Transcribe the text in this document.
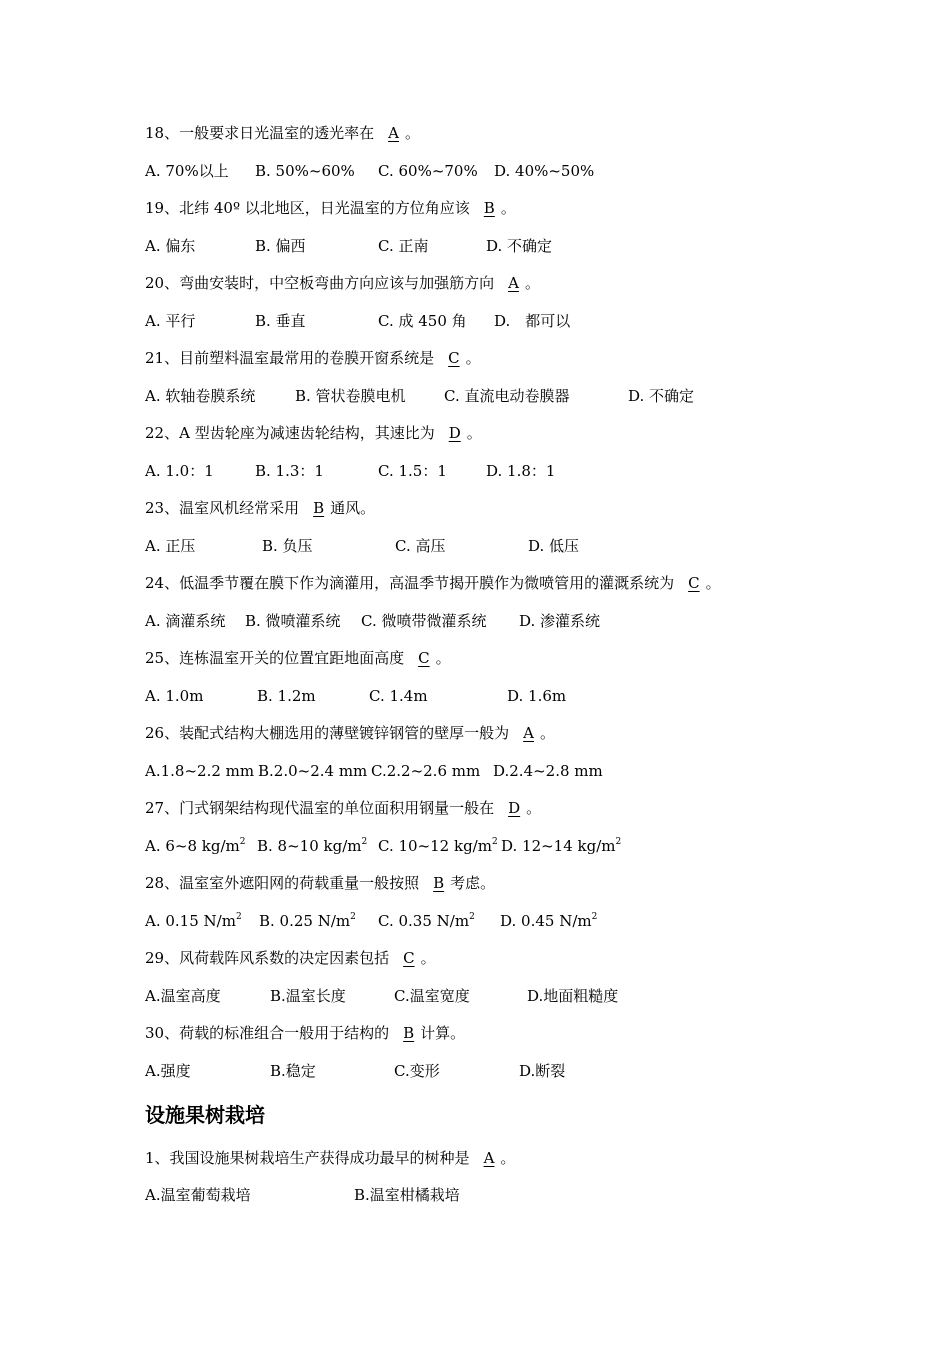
18、一般要求日光温室的透光率在 A 。
A. 70%以上 B. 50%~60% C. 60%~70% D. 40%~50%
19、北纬 40º 以北地区，日光温室的方位角应该 B 。
A. 偏东	B. 偏西	C. 正南	D. 不确定
20、弯曲安装时，中空板弯曲方向应该与加强筋方向 A 。
A. 平行	B. 垂直	C. 成 450 角 D.　都可以
21、目前塑料温室最常用的卷膜开窗系统是 C 。
A. 软轴卷膜系统	B. 管状卷膜电机	C. 直流电动卷膜器	D. 不确定
22、A 型齿轮座为减速齿轮结构，其速比为 D 。
A. 1.0：1	B. 1.3：1	C. 1.5：1	D. 1.8：1
23、温室风机经常采用 B 通风。
A. 正压	B. 负压	C. 高压	D. 低压
24、低温季节覆在膜下作为滴灌用，高温季节揭开膜作为微喷管用的灌溉系统为 C 。
A. 滴灌系统 B. 微喷灌系统 C. 微喷带微灌系统 D. 渗灌系统
25、连栋温室开关的位置宜距地面高度 C 。
A. 1.0m	B. 1.2m	C. 1.4m	D. 1.6m
26、装配式结构大棚选用的薄壁镀锌钢管的壁厚一般为 A 。
A.1.8~2.2 mm B.2.0~2.4 mm C.2.2~2.6 mm D.2.4~2.8 mm
27、门式钢架结构现代温室的单位面积用钢量一般在 D 。
A. 6~8 $kg/m^2$ B. 8~10 $kg/m^2$ C. 10~12 $kg/m^2$ D. 12~14 $kg/m^2$
28、温室室外遮阳网的荷载重量一般按照 B 考虑。
A. 0.15 $N/m^2$ B. 0.25 $N/m^2$ C. 0.35 $N/m^2$ D. 0.45 $N/m^2$
29、风荷载阵风系数的决定因素包括 C 。
A.温室高度	B.温室长度	C.温室宽度	D.地面粗糙度
30、荷载的标准组合一般用于结构的 B 计算。
A.强度	B.稳定	C.变形	D.断裂
设施果树栽培
1、我国设施果树栽培生产获得成功最早的树种是 A 。
A.温室葡萄栽培	B.温室柑橘栽培
